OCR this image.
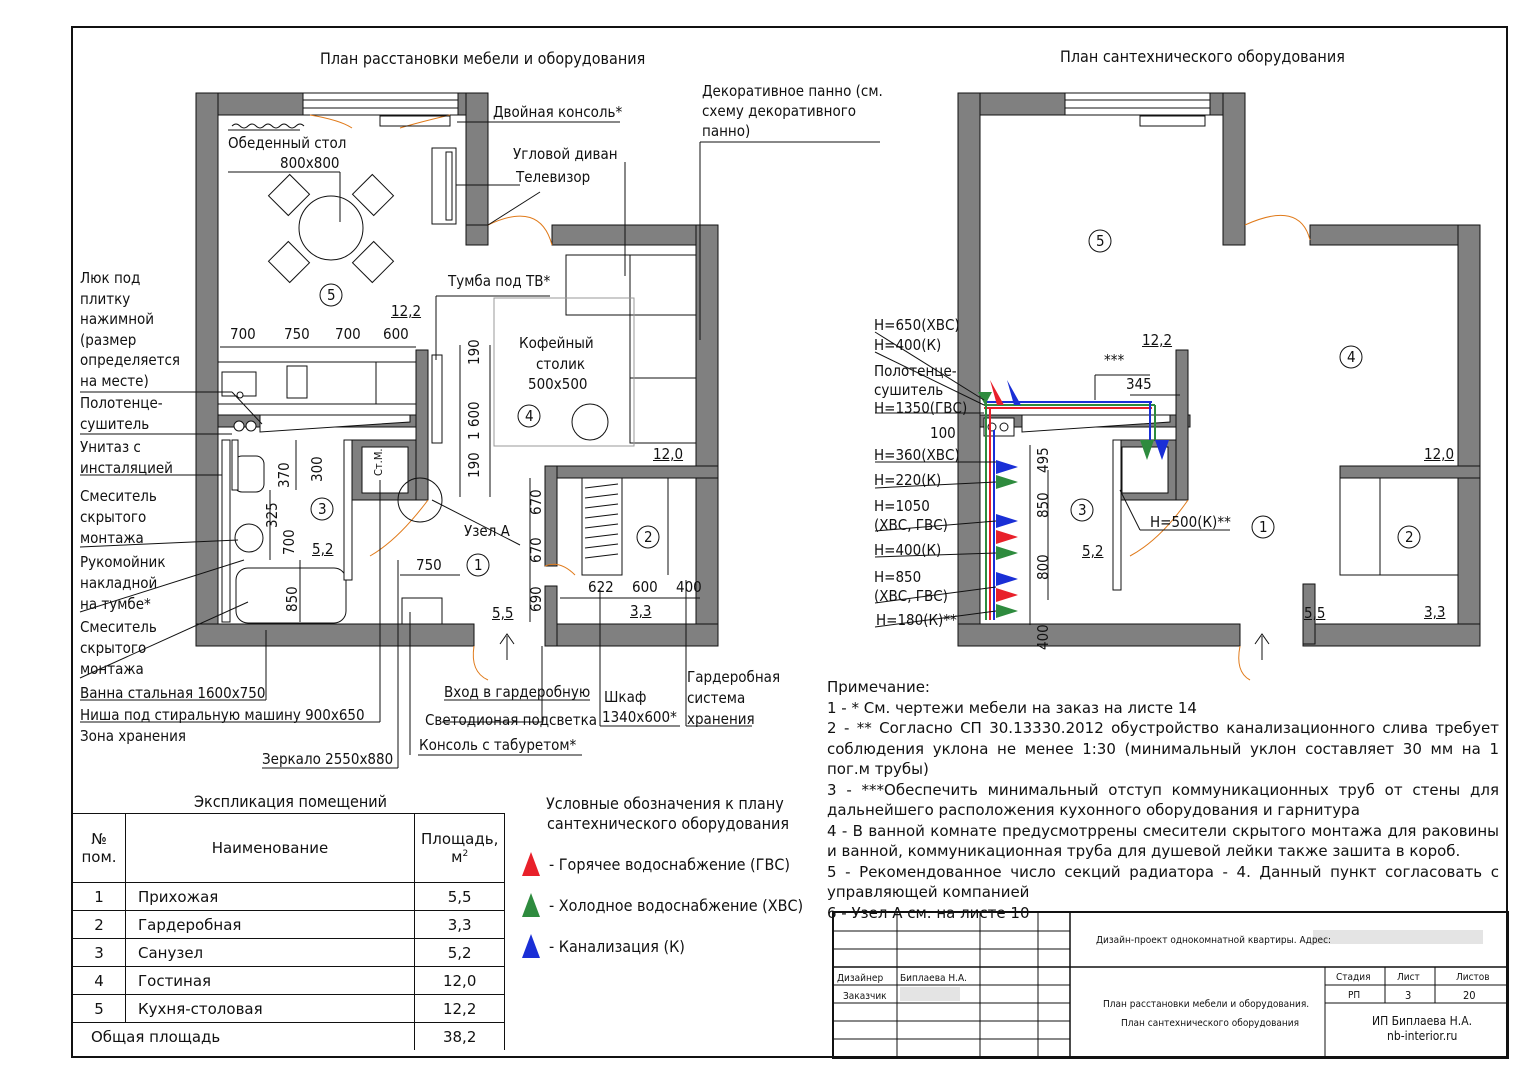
План расстановки мебели и оборудования
Двойная консоль*
Угловой диван
Телевизор
Декоративное панно (см.
схему декоративного
панно)
Обеденный стол
800x800
Тумба под ТВ*
Кофейный
столик
500x500
Узел А
Люк под
плитку
нажимной
(размер
определяется
на месте)
Полотенце-
сушитель
Унитаз с
инсталяцией
Смеситель
скрытого
монтажа
Рукомойник
накладной
на тумбе*
Смеситель
скрытого
монтажа
Ванна стальная 1600x750
Ниша под стиральную машину 900x650
Зона хранения
Зеркало 2550x880
Вход в гардеробную
Светодионая подсветка
Консоль с табуретом*
Шкаф
1340x600*
Гардеробная
система
хранения
700 750 700 600
190
1 600
190
370 300
325
700
850
750
670
670
690	622 600 400
12,2
12,0
5,2
5,5	3,3
5
4
3
1
2
Ст.М.
План сантехнического оборудования
Н=650(ХВС)
Н=400(К)
Полотенце-
сушитель
Н=1350(ГВС)
100
Н=360(ХВС)
Н=220(К)
Н=1050
(ХВС, ГВС)
Н=400(К)
Н=850
(ХВС, ГВС)
Н=180(К)**
Н=500(К)**
***
345
495
850
800
400
12,2
12,0
5,2
5,5	3,3
5
4
3
1
2
Условные обозначения к плану
сантехнического оборудования
- Горячее водоснабжение (ГВС)
- Холодное водоснабжение (ХВС)
- Канализация (К)
Экспликация помещений
№
пом.	Наименование	Площадь,
$м^2$
1	Прихожая	5,5
2	Гардеробная	3,3
3	Санузел	5,2
4	Гостиная	12,0
5	Кухня-столовая	12,2
Общая площадь		38,2

Примечание:

1 - * См. чертежи мебели на заказ на листе 14

2 - ** Согласно СП 30.13330.2012 обустройство канализационного слива требует соблюдения уклона не менее 1:30 (минимальный уклон составляет 30 мм на 1 пог.м трубы)

3 - ***Обеспечить минимальный отступ коммуникационных труб от стены для дальнейшего расположения кухонного оборудования и гарнитура

4 - В ванной комнате предусмотррены смесители скрытого монтажа для раковины и ванной, коммуникационная труба для душевой лейки также зашита в короб.

5 - Рекомендованное число секций радиатора - 4. Данный пункт согласовать с управляющей компанией

6 - Узел А см. на листе 10

Дизайн-проект однокомнатной квартиры. Адрес:
Дизайнер Биплаева Н.А.
Заказчик
Стадия	Лист	Листов
РП	3	20
План расстановки мебели и оборудования.
План сантехнического оборудования	ИП Биплаева Н.А.
nb-interior.ru
